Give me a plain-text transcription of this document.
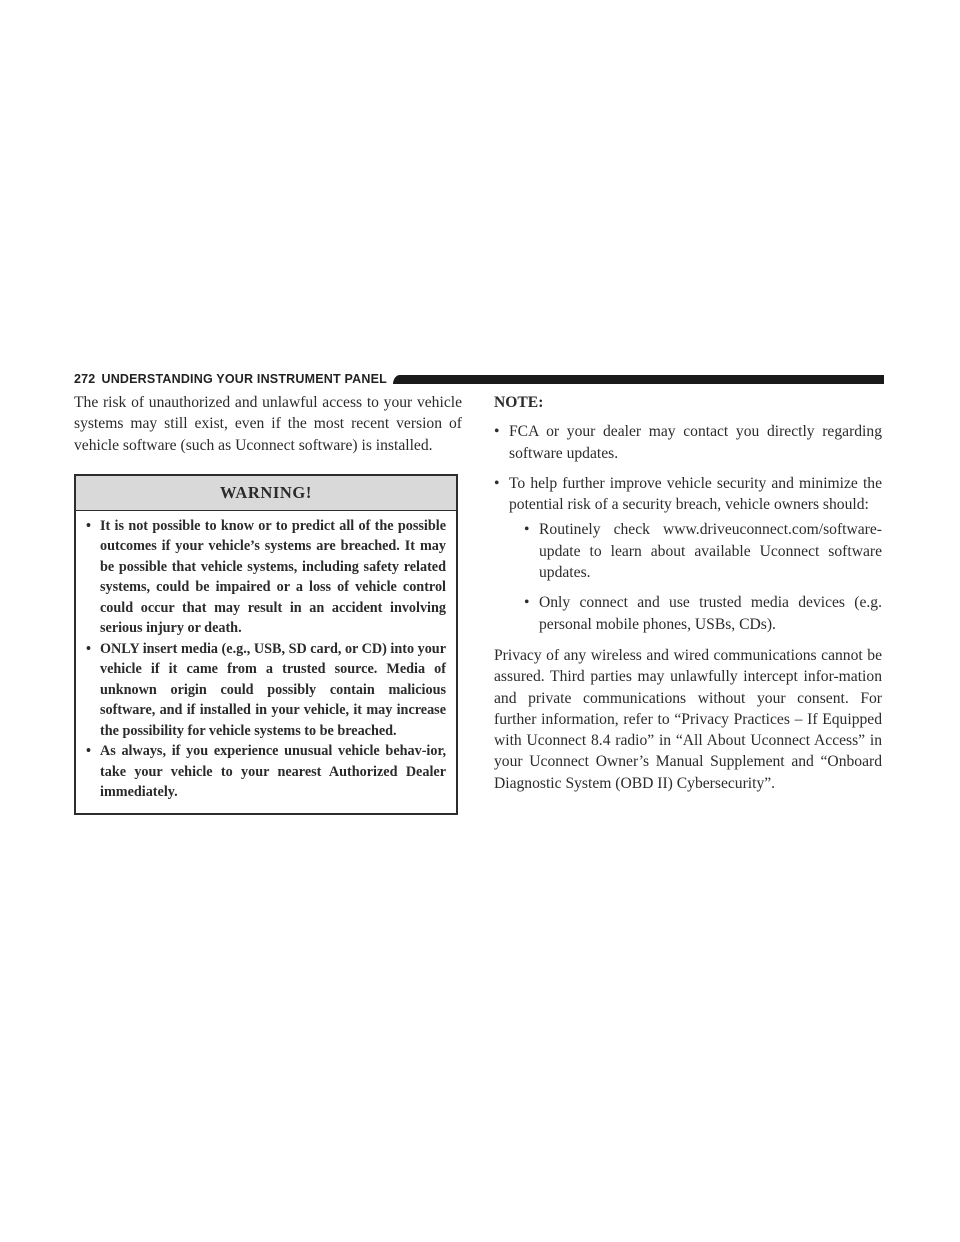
272 UNDERSTANDING YOUR INSTRUMENT PANEL

The risk of unauthorized and unlawful access to your vehicle systems may still exist, even if the most recent version of vehicle software (such as Uconnect software) is installed.

WARNING!
• It is not possible to know or to predict all of the possible outcomes if your vehicle’s systems are breached. It may be possible that vehicle systems, including safety related systems, could be impaired or a loss of vehicle control could occur that may result in an accident involving serious injury or death.
• ONLY insert media (e.g., USB, SD card, or CD) into your vehicle if it came from a trusted source. Media of unknown origin could possibly contain malicious software, and if installed in your vehicle, it may increase the possibility for vehicle systems to be breached.
• As always, if you experience unusual vehicle behav-ior, take your vehicle to your nearest Authorized Dealer immediately.
NOTE:
• FCA or your dealer may contact you directly regarding software updates.
• To help further improve vehicle security and minimize the potential risk of a security breach, vehicle owners should:
• Routinely check www.driveuconnect.com/software-update to learn about available Uconnect software updates.
• Only connect and use trusted media devices (e.g. personal mobile phones, USBs, CDs).

Privacy of any wireless and wired communications cannot be assured. Third parties may unlawfully intercept infor-mation and private communications without your consent. For further information, refer to “Privacy Practices – If Equipped with Uconnect 8.4 radio” in “All About Uconnect Access” in your Uconnect Owner’s Manual Supplement and “Onboard Diagnostic System (OBD II) Cybersecurity”.
